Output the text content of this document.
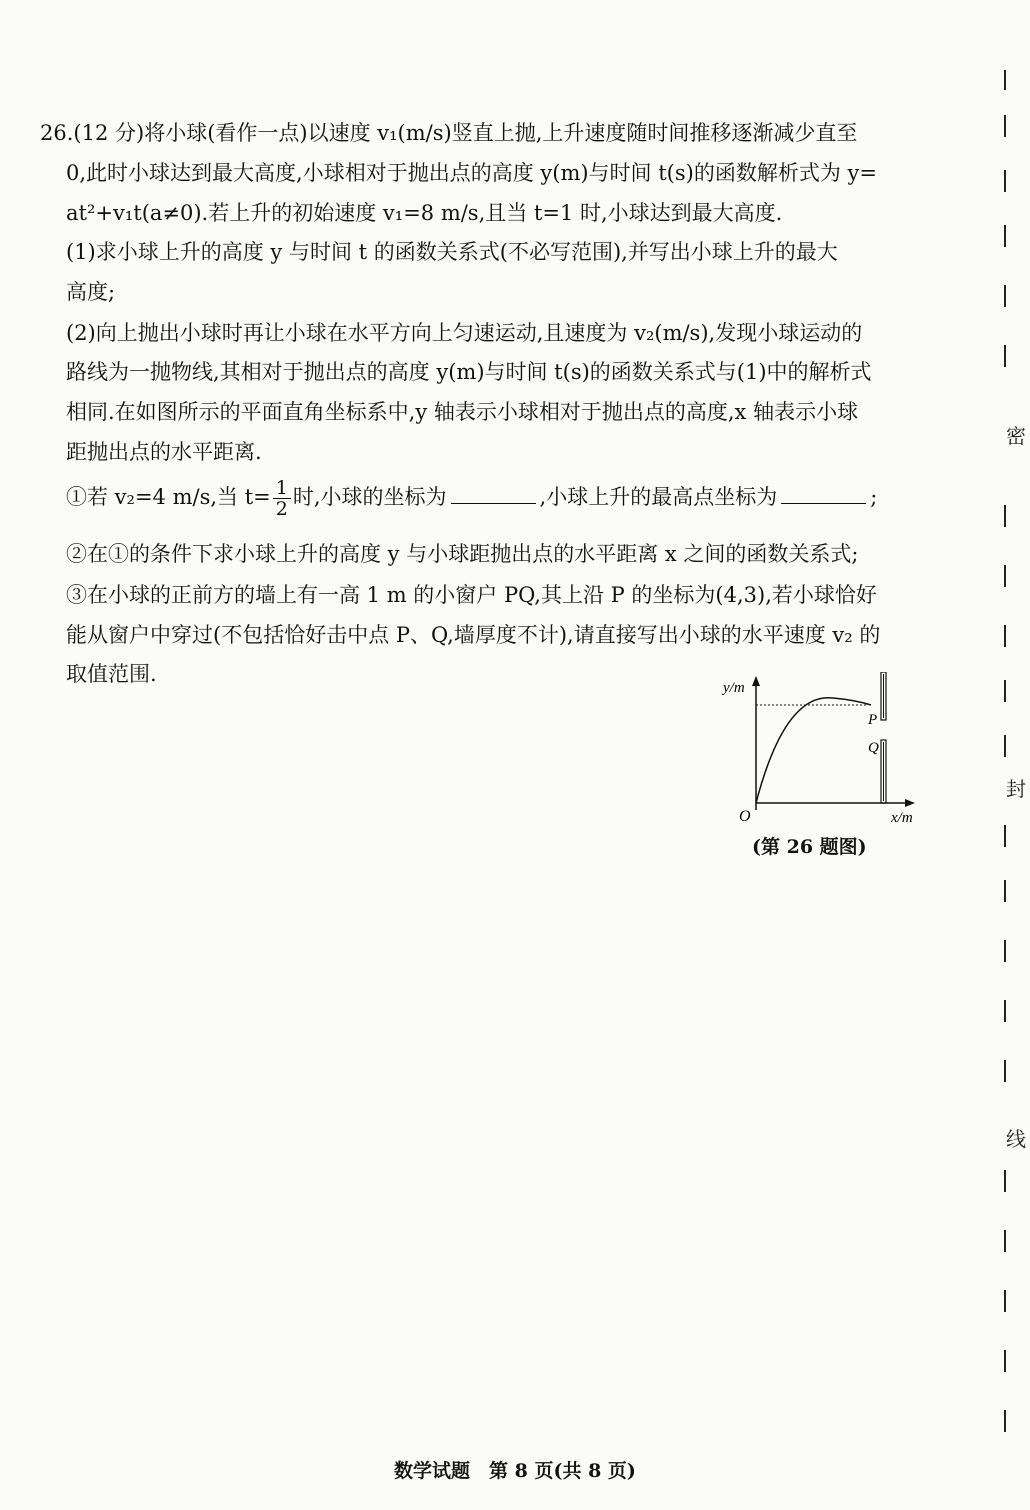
26.(12 分)将小球(看作一点)以速度 v₁(m/s)竖直上抛,上升速度随时间推移逐渐减少直至
0,此时小球达到最大高度,小球相对于抛出点的高度 y(m)与时间 t(s)的函数解析式为 y=
at²+v₁t(a≠0).若上升的初始速度 v₁=8 m/s,且当 t=1 时,小球达到最大高度.
(1)求小球上升的高度 y 与时间 t 的函数关系式(不必写范围),并写出小球上升的最大
高度;
(2)向上抛出小球时再让小球在水平方向上匀速运动,且速度为 v₂(m/s),发现小球运动的
路线为一抛物线,其相对于抛出点的高度 y(m)与时间 t(s)的函数关系式与(1)中的解析式
相同.在如图所示的平面直角坐标系中,y 轴表示小球相对于抛出点的高度,x 轴表示小球
距抛出点的水平距离.
①若 v₂=4 m/s,当 $t= \frac{1}{2}$ 时,小球的坐标为	,小球上升的最高点坐标为	;
②在①的条件下求小球上升的高度 y 与小球距抛出点的水平距离 x 之间的函数关系式;
③在小球的正前方的墙上有一高 1 m 的小窗户 PQ,其上沿 P 的坐标为(4,3),若小球恰好
能从窗户中穿过(不包括恰好击中点 P、Q,墙厚度不计),请直接写出小球的水平速度 v₂ 的
取值范围.
y/m
x/m
O
P
Q
(第 26 题图)
密
封
线
数学试题　第 8 页(共 8 页)
